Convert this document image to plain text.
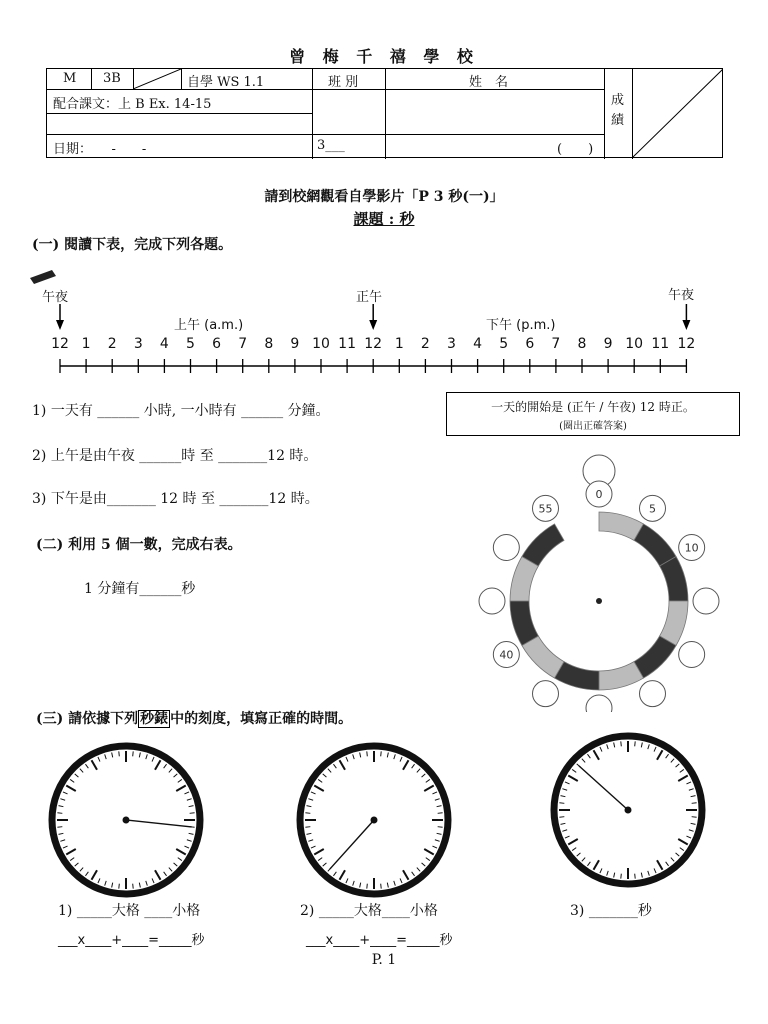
曾 梅 千 禧 學 校
M 3B	自學 WS 1.1	班 別	姓　名
成
績
配合課文：上 B Ex. 14-15
日期：　　-　　-	3___	(　　)
請到校網觀看自學影片「P 3 秒(一)」
課題 : 秒
(一) 閱讀下表，完成下列各題。
午夜	正午	午夜
上午 (a.m.)	下午 (p.m.)
12 1	2	3	4	5	6	7	8	9 10 11 12 1	2	3	4	5	6	7	8	9 10 11 12
1) 一天有 ______ 小時, 一小時有 ______ 分鐘。	一天的開始是 (正午 / 午夜) 12 時正。
(圈出正確答案)
2) 上午是由午夜 ______時 至 _______12 時。
3) 下午是由_______ 12 時 至 _______12 時。
(二) 利用 5 個一數，完成右表。
1 分鐘有______秒
0
5
10
40
55
(三) 請依據下列 秒錶 中的刻度，填寫正確的時間。
1) _____大格 ____小格
___x____+____=_____秒
2) _____大格____小格
___x____+____=_____秒
3) _______秒
P. 1
